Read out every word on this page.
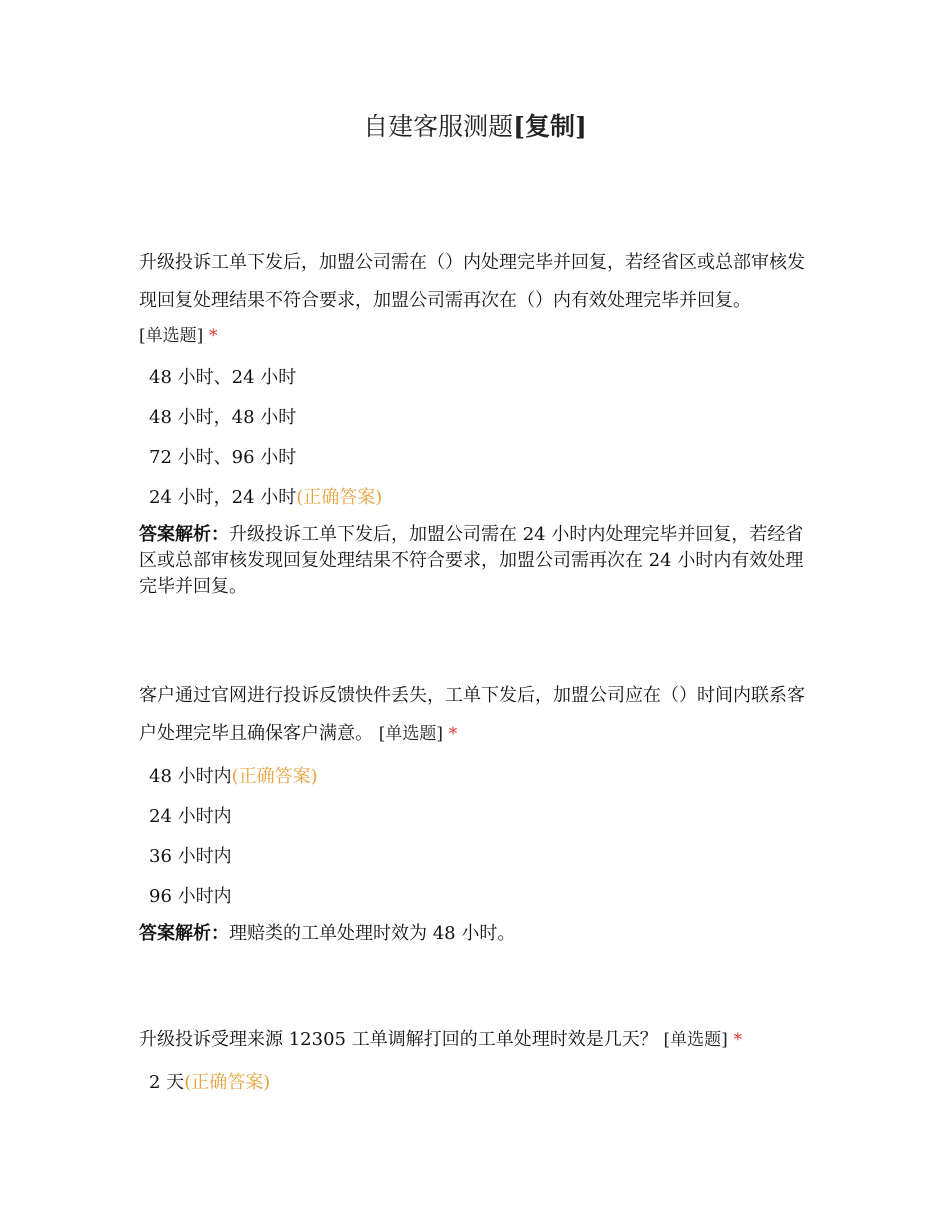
自建客服测题[复制]
升级投诉工单下发后，加盟公司需在（）内处理完毕并回复，若经省区或总部审核发现回复处理结果不符合要求，加盟公司需再次在（）内有效处理完毕并回复。
[单选题] *
48 小时、24 小时
48 小时，48 小时
72 小时、96 小时
24 小时，24 小时(正确答案)
答案解析：升级投诉工单下发后，加盟公司需在 24 小时内处理完毕并回复，若经省区或总部审核发现回复处理结果不符合要求，加盟公司需再次在 24 小时内有效处理完毕并回复。
客户通过官网进行投诉反馈快件丢失，工单下发后，加盟公司应在（）时间内联系客户处理完毕且确保客户满意。 [单选题] *
48 小时内(正确答案)
24 小时内
36 小时内
96 小时内
答案解析：理赔类的工单处理时效为 48 小时。
升级投诉受理来源 12305 工单调解打回的工单处理时效是几天？ [单选题] *
2 天(正确答案)
